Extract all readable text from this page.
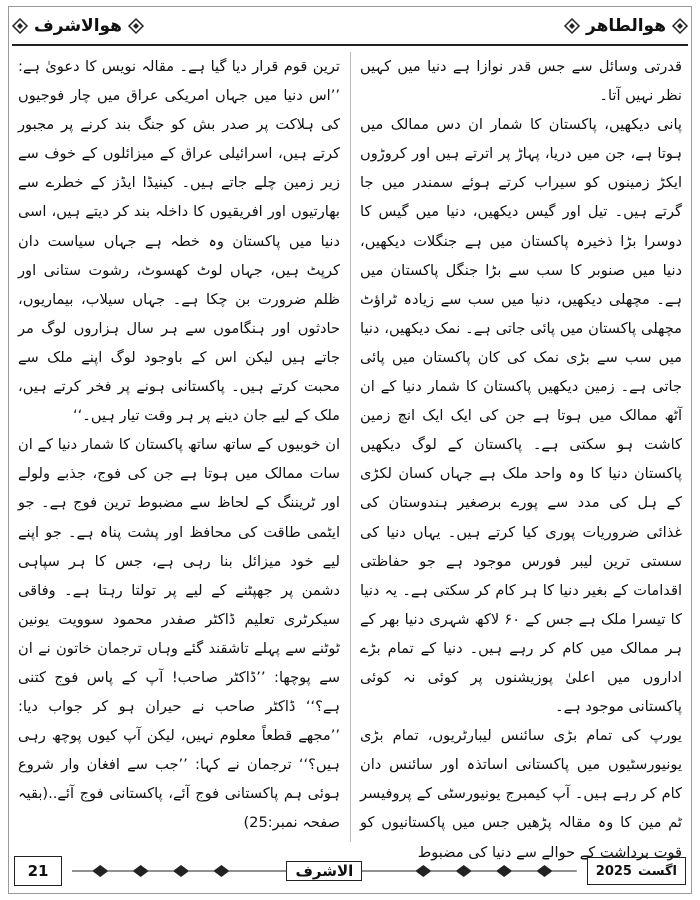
ھوالاشرف	ھوالطاھر

قدرتی وسائل سے جس قدر نوازا ہے دنیا میں کہیں نظر نہیں آتا۔

پانی دیکھیں، پاکستان کا شمار ان دس ممالک میں ہوتا ہے، جن میں دریا، پہاڑ پر اترتے ہیں اور کروڑوں ایکڑ زمینوں کو سیراب کرتے ہوئے سمندر میں جا گرتے ہیں۔ تیل اور گیس دیکھیں، دنیا میں گیس کا دوسرا بڑا ذخیرہ پاکستان میں ہے جنگلات دیکھیں، دنیا میں صنوبر کا سب سے بڑا جنگل پاکستان میں ہے۔ مچھلی دیکھیں، دنیا میں سب سے زیادہ ٹراؤٹ مچھلی پاکستان میں پائی جاتی ہے۔ نمک دیکھیں، دنیا میں سب سے بڑی نمک کی کان پاکستان میں پائی جاتی ہے۔ زمین دیکھیں پاکستان کا شمار دنیا کے ان آٹھ ممالک میں ہوتا ہے جن کی ایک ایک انچ زمین کاشت ہو سکتی ہے۔ پاکستان کے لوگ دیکھیں پاکستان دنیا کا وہ واحد ملک ہے جہاں کسان لکڑی کے ہل کی مدد سے پورے برصغیر ہندوستان کی غذائی ضروریات پوری کیا کرتے ہیں۔ یہاں دنیا کی سستی ترین لیبر فورس موجود ہے جو حفاظتی اقدامات کے بغیر دنیا کا ہر کام کر سکتی ہے۔ یہ دنیا کا تیسرا ملک ہے جس کے ۶۰ لاکھ شہری دنیا بھر کے ہر ممالک میں کام کر رہے ہیں۔ دنیا کے تمام بڑے اداروں میں اعلیٰ پوزیشنوں پر کوئی نہ کوئی پاکستانی موجود ہے۔

یورپ کی تمام بڑی سائنس لیبارٹریوں، تمام بڑی یونیورسٹیوں میں پاکستانی اساتذہ اور سائنس دان کام کر رہے ہیں۔ آپ کیمبرج یونیورسٹی کے پروفیسر ٹم مین کا وہ مقالہ پڑھیں جس میں پاکستانیوں کو قوت برداشت کے حوالے سے دنیا کی مضبوط

ترین قوم قرار دیا گیا ہے۔ مقالہ نویس کا دعویٰ ہے: ’’اس دنیا میں جہاں امریکی عراق میں چار فوجیوں کی ہلاکت پر صدر بش کو جنگ بند کرنے پر مجبور کرتے ہیں، اسرائیلی عراق کے میزائلوں کے خوف سے زیر زمین چلے جاتے ہیں۔ کینیڈا ایڈز کے خطرے سے بھارتیوں اور افریقیوں کا داخلہ بند کر دیتے ہیں، اسی دنیا میں پاکستان وہ خطہ ہے جہاں سیاست دان کرپٹ ہیں، جہاں لوٹ کھسوٹ، رشوت ستانی اور ظلم ضرورت بن چکا ہے۔ جہاں سیلاب، بیماریوں، حادثوں اور ہنگاموں سے ہر سال ہزاروں لوگ مر جاتے ہیں لیکن اس کے باوجود لوگ اپنے ملک سے محبت کرتے ہیں۔ پاکستانی ہونے پر فخر کرتے ہیں، ملک کے لیے جان دینے پر ہر وقت تیار ہیں۔‘‘

ان خوبیوں کے ساتھ ساتھ پاکستان کا شمار دنیا کے ان سات ممالک میں ہوتا ہے جن کی فوج، جذبے ولولے اور ٹریننگ کے لحاظ سے مضبوط ترین فوج ہے۔ جو ایٹمی طاقت کی محافظ اور پشت پناہ ہے۔ جو اپنے لیے خود میزائل بنا رہی ہے، جس کا ہر سپاہی دشمن پر جھپٹنے کے لیے پر تولتا رہتا ہے۔ وفاقی سیکرٹری تعلیم ڈاکٹر صفدر محمود سوویت یونین ٹوٹنے سے پہلے تاشقند گئے وہاں ترجمان خاتون نے ان سے پوچھا: ’’ڈاکٹر صاحب! آپ کے پاس فوج کتنی ہے؟‘‘ ڈاکٹر صاحب نے حیران ہو کر جواب دیا: ’’مجھے قطعاً معلوم نہیں، لیکن آپ کیوں پوچھ رہی ہیں؟‘‘ ترجمان نے کہا: ’’جب سے افغان وار شروع ہوئی ہم پاکستانی فوج آئے، پاکستانی فوج آئے..(بقیہ صفحہ نمبر:25)

21	الاشرف	اگست
2025
